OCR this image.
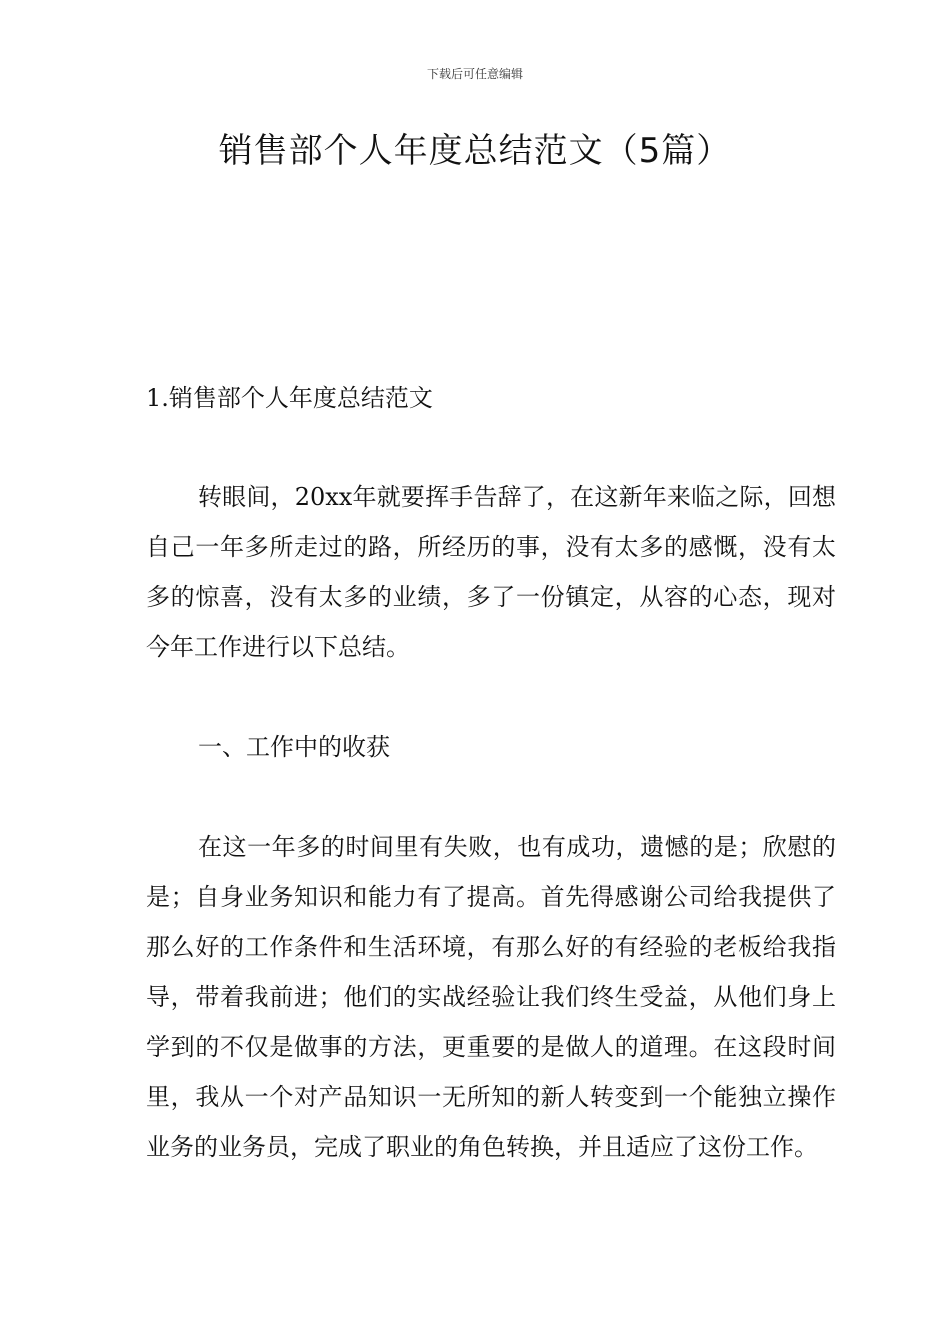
下载后可任意编辑
销售部个人年度总结范文（5篇）
1.销售部个人年度总结范文

转眼间，20xx年就要挥手告辞了，在这新年来临之际，回想自己一年多所走过的路，所经历的事，没有太多的感慨，没有太多的惊喜，没有太多的业绩，多了一份镇定，从容的心态，现对今年工作进行以下总结。

一、工作中的收获

在这一年多的时间里有失败，也有成功，遗憾的是；欣慰的是；自身业务知识和能力有了提高。首先得感谢公司给我提供了那么好的工作条件和生活环境，有那么好的有经验的老板给我指导，带着我前进；他们的实战经验让我们终生受益，从他们身上学到的不仅是做事的方法，更重要的是做人的道理。在这段时间里，我从一个对产品知识一无所知的新人转变到一个能独立操作业务的业务员，完成了职业的角色转换，并且适应了这份工作。
